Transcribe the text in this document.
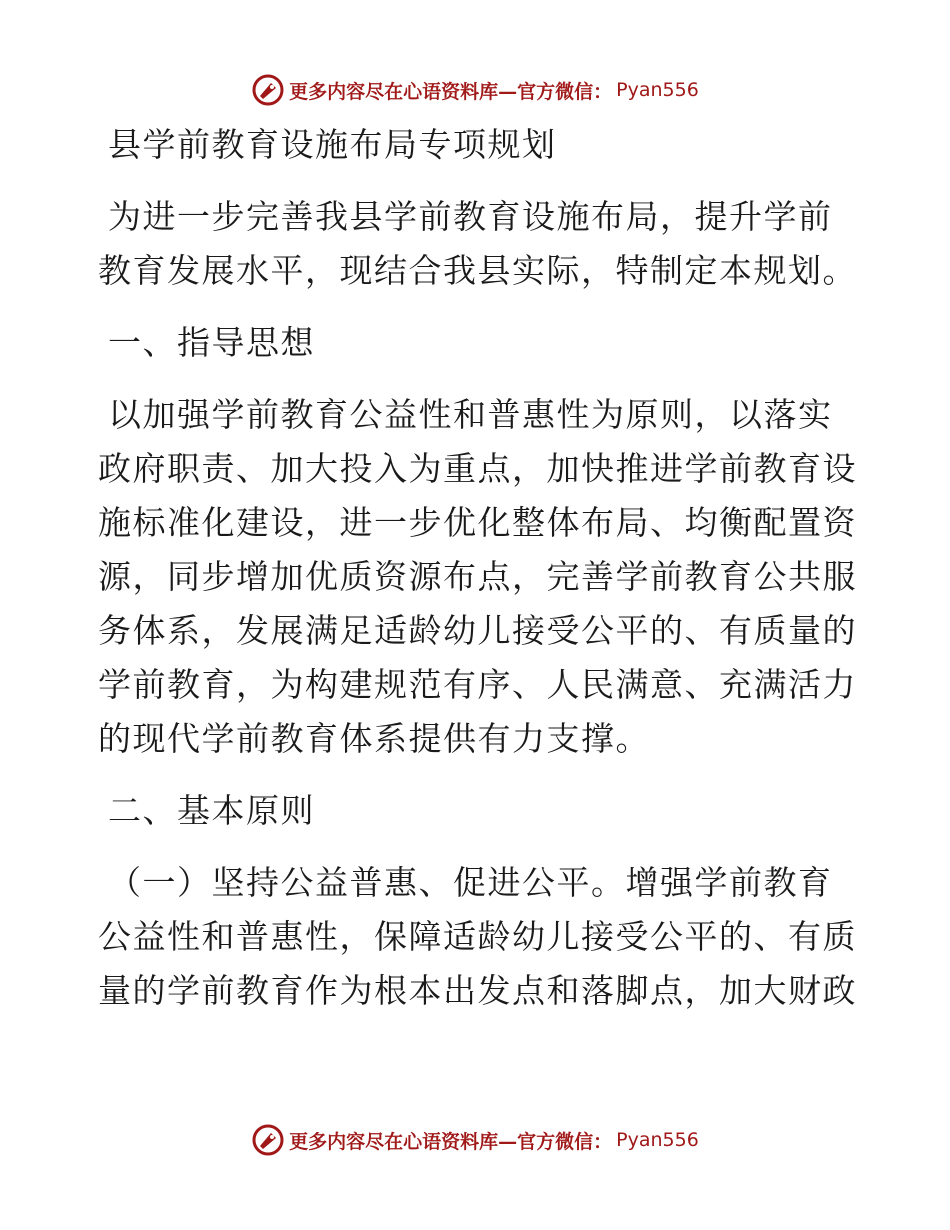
更多内容尽在心语资料库—官方微信： Pyan556
县学前教育设施布局专项规划
为进一步完善我县学前教育设施布局，提升学前
教育发展水平，现结合我县实际，特制定本规划。
一、指导思想
以加强学前教育公益性和普惠性为原则，以落实
政府职责、加大投入为重点，加快推进学前教育设
施标准化建设，进一步优化整体布局、均衡配置资
源，同步增加优质资源布点，完善学前教育公共服
务体系，发展满足适龄幼儿接受公平的、有质量的
学前教育，为构建规范有序、人民满意、充满活力
的现代学前教育体系提供有力支撑。
二、基本原则
（一）坚持公益普惠、促进公平。增强学前教育
公益性和普惠性，保障适龄幼儿接受公平的、有质
量的学前教育作为根本出发点和落脚点，加大财政
更多内容尽在心语资料库—官方微信： Pyan556
